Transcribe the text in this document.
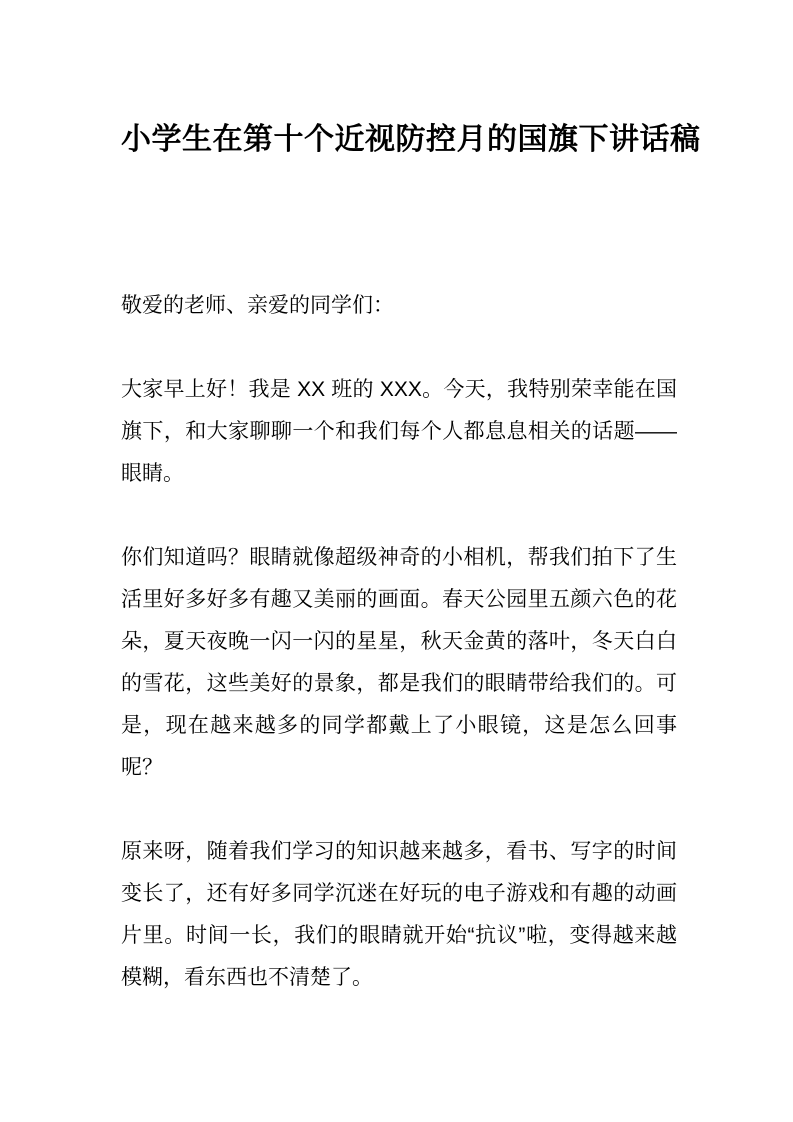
小学生在第十个近视防控月的国旗下讲话稿

敬爱的老师、亲爱的同学们：

大家早上好！我是 XX 班的 XXX。今天，我特别荣幸能在国旗下，和大家聊聊一个和我们每个人都息息相关的话题——眼睛。

你们知道吗？眼睛就像超级神奇的小相机，帮我们拍下了生活里好多好多有趣又美丽的画面。春天公园里五颜六色的花朵，夏天夜晚一闪一闪的星星，秋天金黄的落叶，冬天白白的雪花，这些美好的景象，都是我们的眼睛带给我们的。可是，现在越来越多的同学都戴上了小眼镜，这是怎么回事呢？

原来呀，随着我们学习的知识越来越多，看书、写字的时间变长了，还有好多同学沉迷在好玩的电子游戏和有趣的动画片里。时间一长，我们的眼睛就开始“抗议”啦，变得越来越模糊，看东西也不清楚了。
